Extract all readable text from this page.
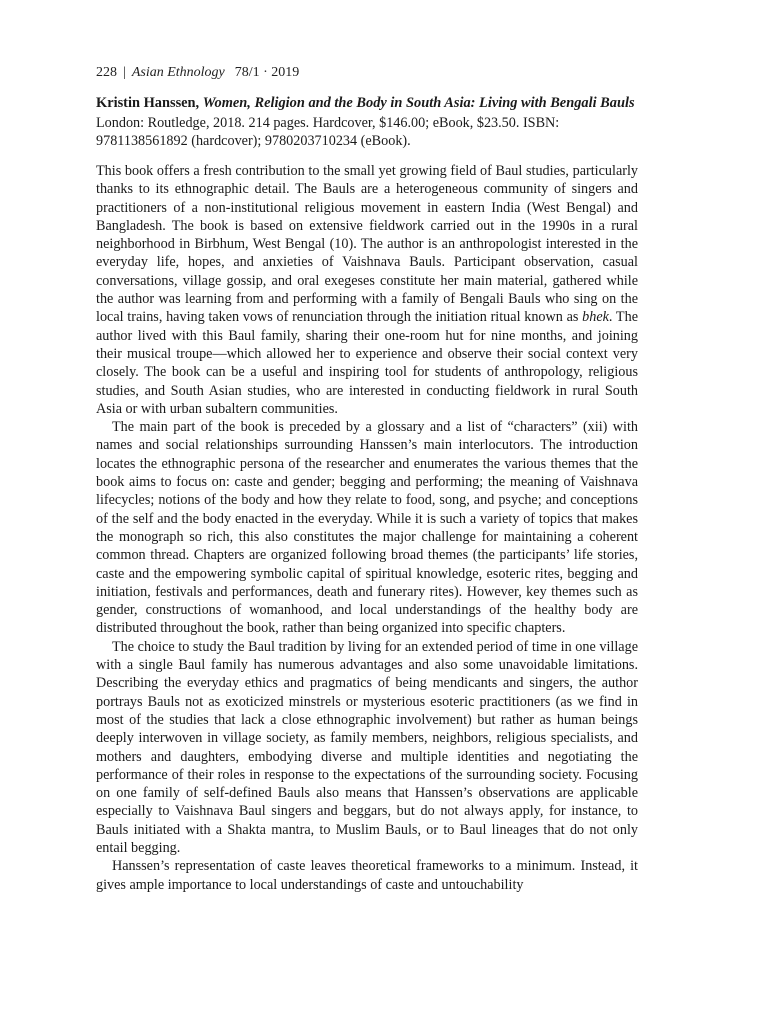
228 | Asian Ethnology 78/1 · 2019

Kristin Hanssen, Women, Religion and the Body in South Asia: Living with Bengali Bauls

London: Routledge, 2018. 214 pages. Hardcover, $146.00; eBook, $23.50. ISBN: 9781138561892 (hardcover); 9780203710234 (eBook).

This book offers a fresh contribution to the small yet growing field of Baul studies, particularly thanks to its ethnographic detail. The Bauls are a heterogeneous community of singers and practitioners of a non-institutional religious movement in eastern India (West Bengal) and Bangladesh. The book is based on extensive fieldwork carried out in the 1990s in a rural neighborhood in Birbhum, West Bengal (10). The author is an anthropologist interested in the everyday life, hopes, and anxieties of Vaishnava Bauls. Participant observation, casual conversations, village gossip, and oral exegeses constitute her main material, gathered while the author was learning from and performing with a family of Bengali Bauls who sing on the local trains, having taken vows of renunciation through the initiation ritual known as bhek. The author lived with this Baul family, sharing their one-room hut for nine months, and joining their musical troupe—which allowed her to experience and observe their social context very closely. The book can be a useful and inspiring tool for students of anthropology, religious studies, and South Asian studies, who are interested in conducting fieldwork in rural South Asia or with urban subaltern communities.

The main part of the book is preceded by a glossary and a list of “characters” (xii) with names and social relationships surrounding Hanssen’s main interlocutors. The introduction locates the ethnographic persona of the researcher and enumerates the various themes that the book aims to focus on: caste and gender; begging and performing; the meaning of Vaishnava lifecycles; notions of the body and how they relate to food, song, and psyche; and conceptions of the self and the body enacted in the everyday. While it is such a variety of topics that makes the monograph so rich, this also constitutes the major challenge for maintaining a coherent common thread. Chapters are organized following broad themes (the participants’ life stories, caste and the empowering symbolic capital of spiritual knowledge, esoteric rites, begging and initiation, festivals and performances, death and funerary rites). However, key themes such as gender, constructions of womanhood, and local understandings of the healthy body are distributed throughout the book, rather than being organized into specific chapters.

The choice to study the Baul tradition by living for an extended period of time in one village with a single Baul family has numerous advantages and also some unavoidable limitations. Describing the everyday ethics and pragmatics of being mendicants and singers, the author portrays Bauls not as exoticized minstrels or mysterious esoteric practitioners (as we find in most of the studies that lack a close ethnographic involvement) but rather as human beings deeply interwoven in village society, as family members, neighbors, religious specialists, and mothers and daughters, embodying diverse and multiple identities and negotiating the performance of their roles in response to the expectations of the surrounding society. Focusing on one family of self-defined Bauls also means that Hanssen’s observations are applicable especially to Vaishnava Baul singers and beggars, but do not always apply, for instance, to Bauls initiated with a Shakta mantra, to Muslim Bauls, or to Baul lineages that do not only entail begging.

Hanssen’s representation of caste leaves theoretical frameworks to a minimum. Instead, it gives ample importance to local understandings of caste and untouchability
